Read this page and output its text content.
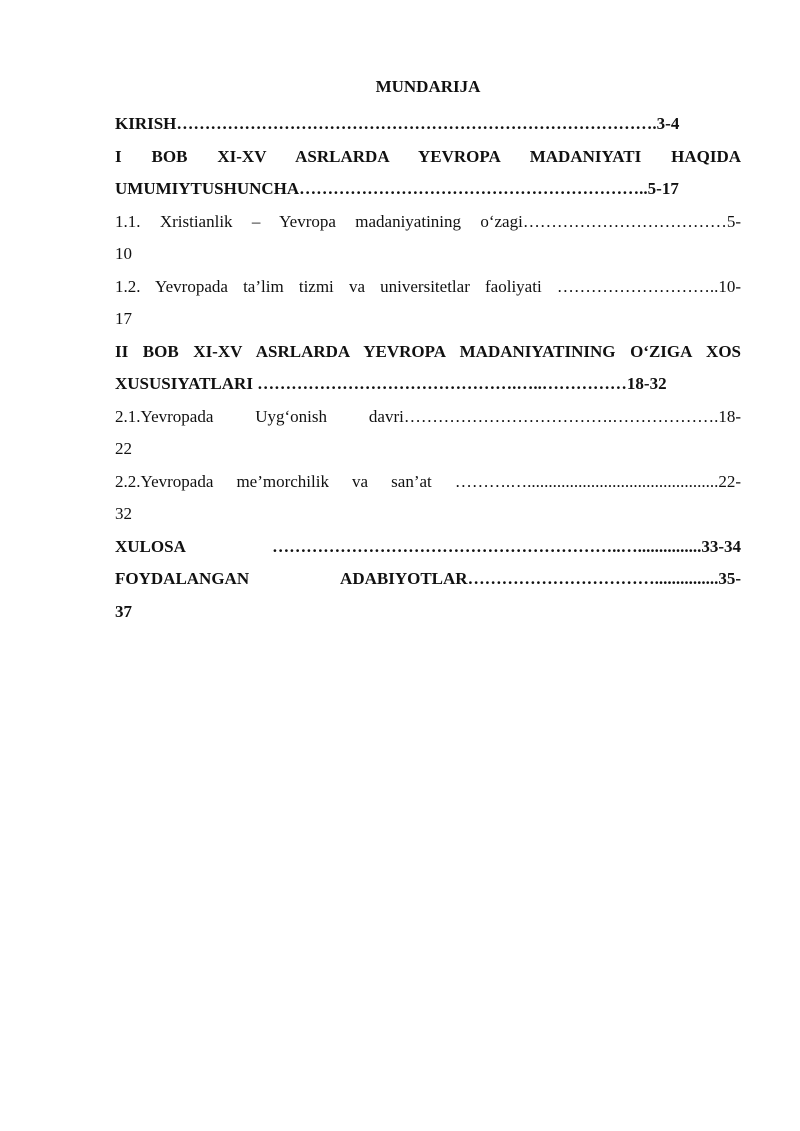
MUNDARIJA
KIRISH………………………………………………………………………….3-4
I BOB XI-XV ASRLARDA YEVROPA MADANIYATI HAQIDA
UMUMIYTUSHUNCHA……………………………………………………..5-17
1.1. Xristianlik – Yevropa madaniyatining o‘zagi………………………………5-
10
1.2. Yevropada ta’lim tizmi va universitetlar faoliyati ………………………..10-
17
II BOB XI-XV ASRLARDA YEVROPA MADANIYATINING O‘ZIGA XOS
XUSUSIYATLARI ……………………………………….…..……………18-32
2.1.Yevropada Uyg‘onish davri……………………………….……………….18-
22
2.2.Yevropada me’morchilik va san’at ……….….............................................22-
32
XULOSA ……………………………………………………..…...............33-34
FOYDALANGAN ADABIYOTLAR……………………………...............35-
37
